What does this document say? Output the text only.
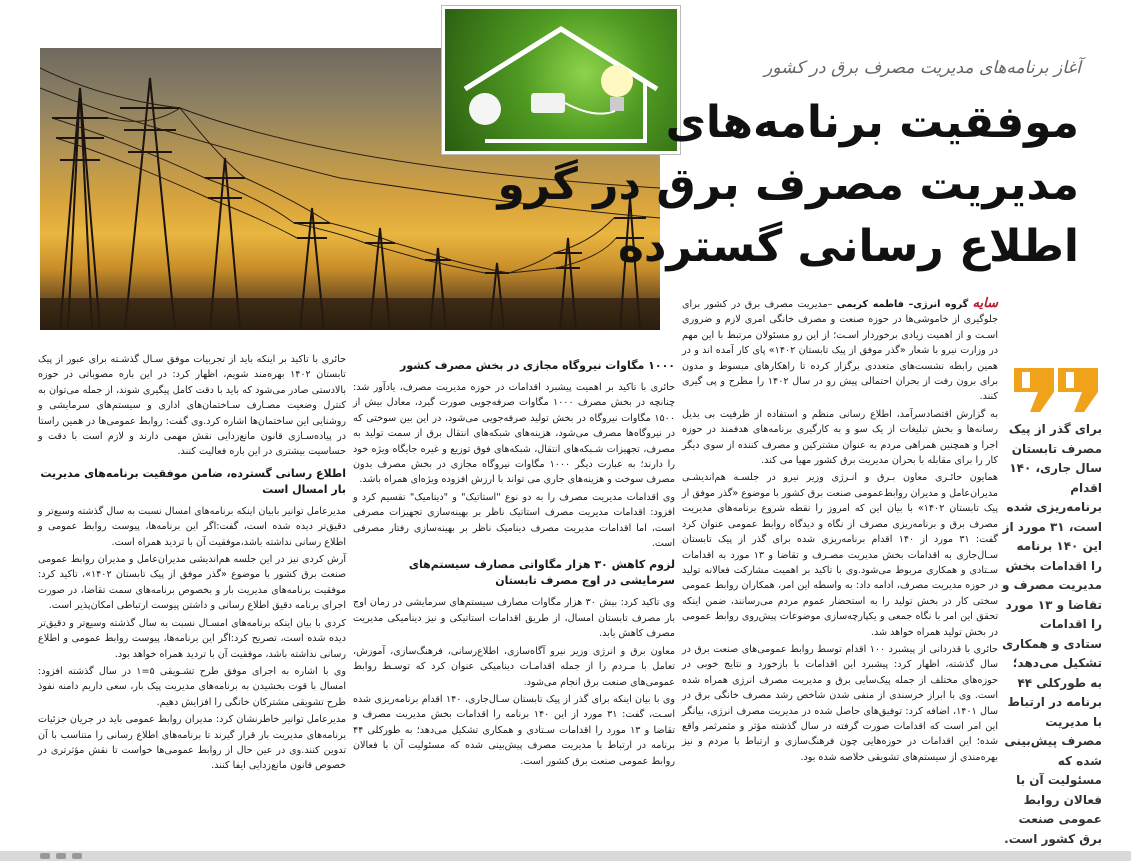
آغاز برنامه‌های مدیریت مصرف برق در کشور
موفقیت برنامه‌های
مدیریت مصرف برق در گرو
اطلاع رسانی گسترده

سایه گروه انرژی– فاطمه کریمی –مدیریت مصرف برق در کشور برای جلوگیری از خاموشی‌ها در حوزه صنعت و مصرف خانگی امری لازم و ضروری اسـت و از اهمیت زیادی برخوردار اسـت؛ از این رو مسئولان مرتبط با این مهم در وزارت نیرو با شعار «گذر موفق از پیک تابستان ۱۴۰۲» پای کار آمده اند و در همین رابطه نشست‌های متعددی برگزار کرده تا راهکارهای مبسوط و مدون برای برون رفت از بحران احتمالی پیش رو در سال ۱۴۰۲ را مطرح و پی گیری کنند.

به گزارش اقتصادسرآمد، اطلاع رسانی منظم و استفاده از ظرفیت بی بدیل رسانه‌ها و بخش تبلیغات از یک سو و به کارگیری برنامه‌های هدفمند در حوزه اجرا و همچنین همراهی مردم به عنوان مشترکین و مصرف کننده از سوی دیگر کار را برای مقابله با بحران مدیریت برق کشور مهیا می کند.

همایون حائـری معاون بـرق و انـرژی وزیر نیرو در جلسـه هم‌اندیشـی مدیران‌عامل و مدیران روابط‌عمومی صنعت برق کشور با موضوع «گذر موفق از پیک تابستان ۱۴۰۲» با بیان این که امروز را نقطه شروع برنامه‌های مدیریت مصرف برق و برنامه‌ریزی مصرف از نگاه و دیدگاه روابط عمومی عنوان کرد گفت: ۳۱ مورد از ۱۴۰ اقدام برنامه‌ریزی شده برای گذر از پیک تابستان سـال‌جاری به اقدامات بخش مدیریت مصـرف و تقاضا و ۱۳ مورد به اقدامات سـتادی و همکاری مربوط می‌شود.وی با تاکید بر اهمیت مشارکت فعالانه تولید در حوزه مدیریت مصرف، ادامه داد: به واسطه این امر، همکاران روابط عمومی سختی کار در بخش تولید را به استحضار عموم مردم می‌رسانند، ضمن اینکه تحقق این امر با نگاه جمعی و یکپارچه‌سازی موضوعات پیش‌روی روابط عمومی در بخش تولید همراه خواهد شد.

حائری با قدردانی از پیشبرد ۱۰۰ اقدام توسط روابط عمومی‌های صنعت برق در سال گذشته، اظهار کرد: پیشبرد این اقدامات با بازخورد و نتایج خوبی در حوزه‌های مختلف از جمله پیک‌سایی برق و مدیریت مصرف انرژی همراه شده است. وی با ابراز خرسندی از منفی شدن شاخص رشد مصرف خانگی برق در سال ۱۴۰۱، اضافه کرد: توفیق‌های حاصل شده در مدیریت مصرف انرژی، بیانگر این امر است که اقدامات صورت گرفته در سال گذشته مؤثر و مثمرثمر واقع شده؛ این اقدامات در حوزه‌هایی چون فرهنگ‌سازی و ارتباط با مردم و نیز بهره‌مندی از سیستم‌های تشویقی خلاصه شده بود.

۱۰۰۰ مگاوات نیروگاه مجازی در بخش مصرف کشور

حائری با تاکید بر اهمیت پیشبرد اقدامات در حوزه مدیریت مصرف، یادآور شد: چنانچه در بخش مصرف ۱۰۰۰ مگاوات صرفه‌جویی صورت گیرد، معادل بیش از ۱۵۰۰ مگاوات نیروگاه در بخش تولید صرفه‌جویی می‌شود، در این بین سوختی که در نیروگاه‌ها مصرف می‌شود، هزینه‌های شبکه‌های انتقال برق از سمت تولید به مصرف، تجهیزات شـبکه‌های انتقال، شبکه‌های فوق توزیع و غیره جایگاه ویژه خود را دارند؛ به عبارت دیگر ۱۰۰۰ مگاوات نیروگاه مجازی در بخش مصرف بدون مصرف سوخت و هزینه‌های جاری می تواند با ارزش افزوده ویژه‌ای همراه باشد.

وی اقدامات مدیریت مصرف را به دو نوع "استاتیک" و "دینامیک" تقسیم کرد و افزود: اقدامات مدیریت مصرف استاتیک ناظر بر بهینه‌سازی تجهیزات مصرفی است، اما اقدامات مدیریت مصرف دینامیک ناظر بر بهینه‌سازی رفتار مصرفی است.

لزوم کاهش ۳۰ هزار مگاواتی مصارف سیستم‌های سرمایشی در اوج مصرف تابستان

وی تاکید کرد: بیش ۳۰ هزار مگاوات مصارف سیستم‌های سرمایشی در زمان اوج بار مصرف تابستان امسال، از طریق اقدامات استاتیکی و نیز دینامیکی مدیریت مصرف کاهش یابد.

معاون برق و انرژی وزیر نیرو آگاه‌سازی، اطلاع‌رسانی، فرهنگ‌سازی، آموزش، تعامل با مـردم را از جمله اقدامـات دینامیکی عنوان کرد که توسـط روابط عمومی‌های صنعت برق انجام می‌شود.

وی با بیان اینکه برای گذر از پیک تابستان سـال‌جاری، ۱۴۰ اقدام برنامه‌ریزی شده اسـت، گفت: ۳۱ مورد از این ۱۴۰ برنامه را اقدامات بخش مدیریت مصرف و تقاضا و ۱۳ مورد را اقدامات سـتادی و همکاری تشکیل می‌دهد؛ به طورکلی ۴۴ برنامه در ارتباط با مدیریت مصرف پیش‌بینی شده که مسئولیت آن با فعالان روابط عمومی صنعت برق کشور است.

حائری با تاکید بر اینکه باید از تجربیات موفق سـال گذشـته برای عبور از پیک تابستان ۱۴۰۲ بهره‌مند شویم، اظهار کرد: در این باره مصوباتی در حوزه بالادستی صادر می‌شود که باید با دقت کامل پیگیری شوند، از جمله می‌توان به کنترل وضعیت مصـارف سـاختمان‌های اداری و سیستم‌های سرمایشی و روشنایی این ساختمان‌ها اشاره کرد.وی گفت: روابط عمومی‌ها در همین راستا در پیاده‌سـازی قانون مانع‌زدایی نقش مهمی دارند و لازم است با دقت و حساسیت بیشتری در این باره فعالیت کنند.

اطلاع رسانی گسترده، ضامن موفقیت برنامه‌های مدیریت بار امسال است

مدیرعامل توانیر بابیان اینکه برنامه‌های امسال نسبت به سال گذشته وسیع‌تر و دقیق‌تر دیده شده است، گفت:اگر این برنامه‌ها، پیوست روابط عمومی و اطلاع رسانی نداشته باشد،موفقیت آن با تردید همراه است.

آرش کردی نیز در این جلسه هم‌اندیشی مدیران‌عامل و مدیران روابط عمومی صنعت برق کشور با موضوع «گذر موفق از پیک تابستان ۱۴۰۲»، تاکید کرد: موفقیت برنامه‌های مدیریت بار و بخصوص برنامه‌های سمت تقاضا، در صورت اجرای برنامه دقیق اطلاع رسانی و داشتن پیوست ارتباطی امکان‌پذیر است.

کردی با بیان اینکه برنامه‌های امسـال نسبت به سال گذشته وسیع‌تر و دقیق‌تر دیده شده است، تصریح کرد:اگر این برنامه‌ها، پیوست روابط عمومی و اطلاع رسانی نداشته باشد، موفقیت آن با تردید همراه خواهد بود.

وی با اشاره به اجرای موفق طرح تشـویقی ۵=۱ در سال گذشته افزود: امسال با قوت بخشیدن به برنامه‌های مدیریت پیک بار، سعی داریم دامنه نفوذ طرح تشویقی مشترکان خانگی را افزایش دهیم.

مدیرعامل توانیر خاطرنشان کرد: مدیران روابط عمومی باید در جریان جزئیات برنامه‌های مدیریت بار قرار گیرند تا برنامه‌های اطلاع رسانی را متناسب با آن تدوین کنند.وی در عین حال از روابط عمومی‌ها خواست تا نقش مؤثرتری در خصوص قانون مانع‌زدایی ایفا کنند.

برای گذر از پیک مصرف تابستان سال جاری، ۱۴۰ اقدام برنامه‌ریزی شده است، ۳۱ مورد از این ۱۴۰ برنامه را اقدامات بخش مدیریت مصرف و تقاضا و ۱۳ مورد را اقدامات ستادی و همکاری تشکیل می‌دهد؛ به طورکلی ۴۴ برنامه در ارتباط با مدیریت مصرف پیش‌بینی شده که مسئولیت آن با فعالان روابط عمومی صنعت برق کشور است.
